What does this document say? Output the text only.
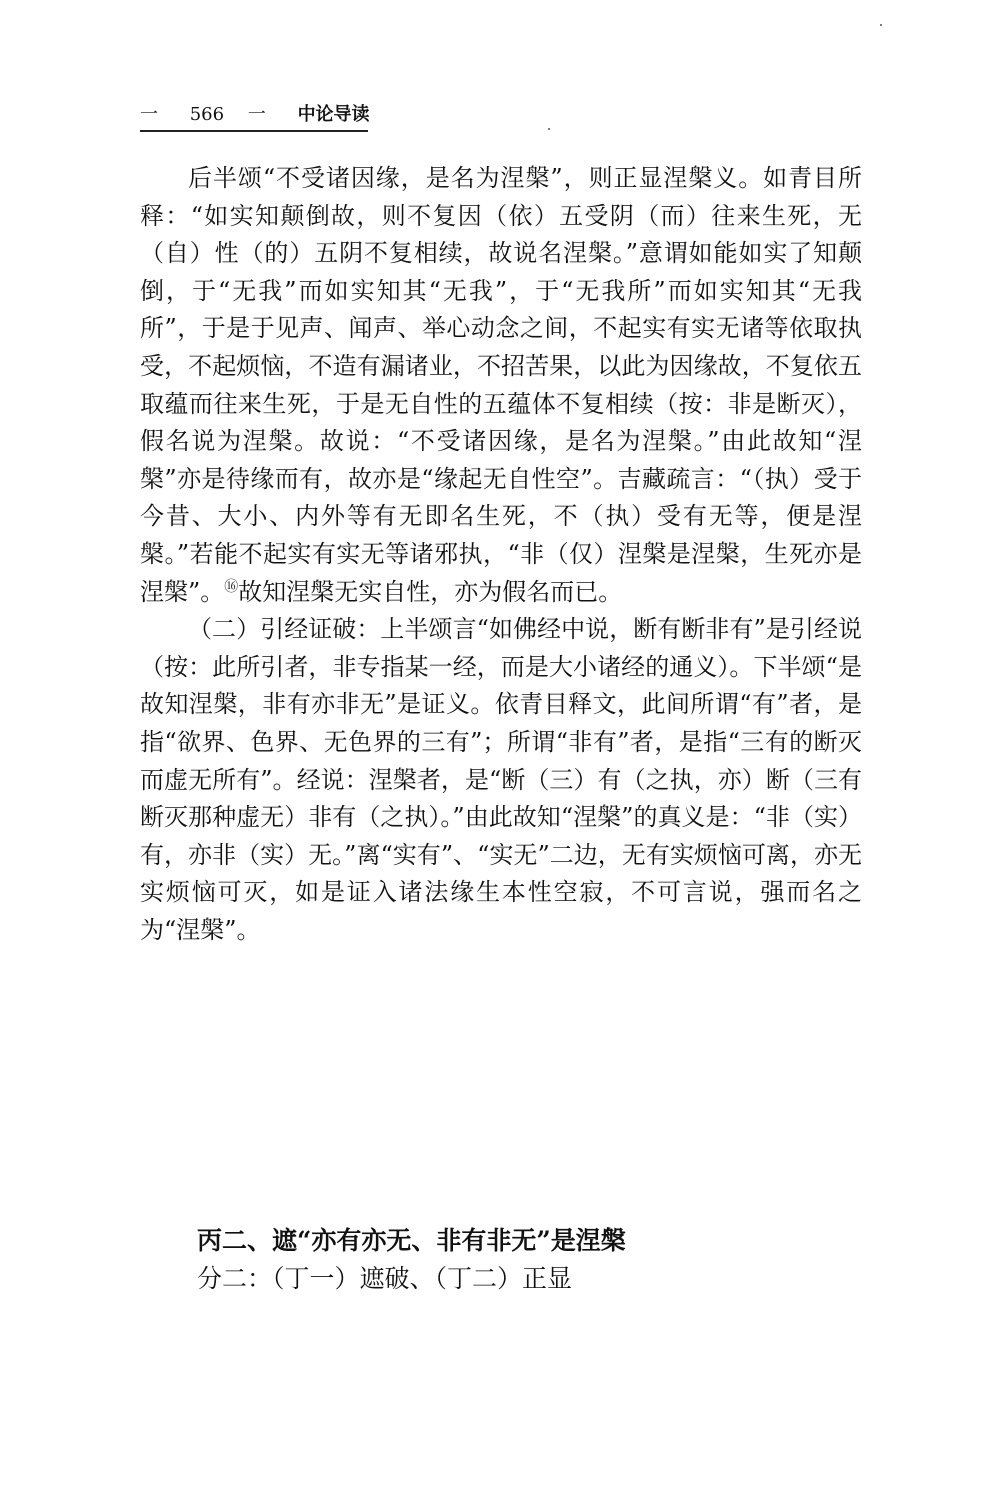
一 566 一 中论导读

后半颂“不受诸因缘，是名为涅槃”，则正显涅槃义。如青目所释：“如实知颠倒故，则不复因（依）五受阴（而）往来生死，无（自）性（的）五阴不复相续，故说名涅槃。”意谓如能如实了知颠倒，于“无我”而如实知其“无我”，于“无我所”而如实知其“无我所”，于是于见声、闻声、举心动念之间，不起实有实无诸等依取执受，不起烦恼，不造有漏诸业，不招苦果，以此为因缘故，不复依五取蕴而往来生死，于是无自性的五蕴体不复相续（按：非是断灭），假名说为涅槃。故说：“不受诸因缘，是名为涅槃。”由此故知“涅槃”亦是待缘而有，故亦是“缘起无自性空”。吉藏疏言：“（执）受于今昔、大小、内外等有无即名生死，不（执）受有无等，便是涅槃。”若能不起实有实无等诸邪执，“非（仅）涅槃是涅槃，生死亦是涅槃”。⑯故知涅槃无实自性，亦为假名而已。

（二）引经证破：上半颂言“如佛经中说，断有断非有”是引经说（按：此所引者，非专指某一经，而是大小诸经的通义）。下半颂“是故知涅槃，非有亦非无”是证义。依青目释文，此间所谓“有”者，是指“欲界、色界、无色界的三有”；所谓“非有”者，是指“三有的断灭而虚无所有”。经说：涅槃者，是“断（三）有（之执，亦）断（三有断灭那种虚无）非有（之执）。”由此故知“涅槃”的真义是：“非（实）有，亦非（实）无。”离“实有”、“实无”二边，无有实烦恼可离，亦无实烦恼可灭，如是证入诸法缘生本性空寂，不可言说，强而名之为“涅槃”。

丙二、遮“亦有亦无、非有非无”是涅槃
分二：（丁一）遮破、（丁二）正显
